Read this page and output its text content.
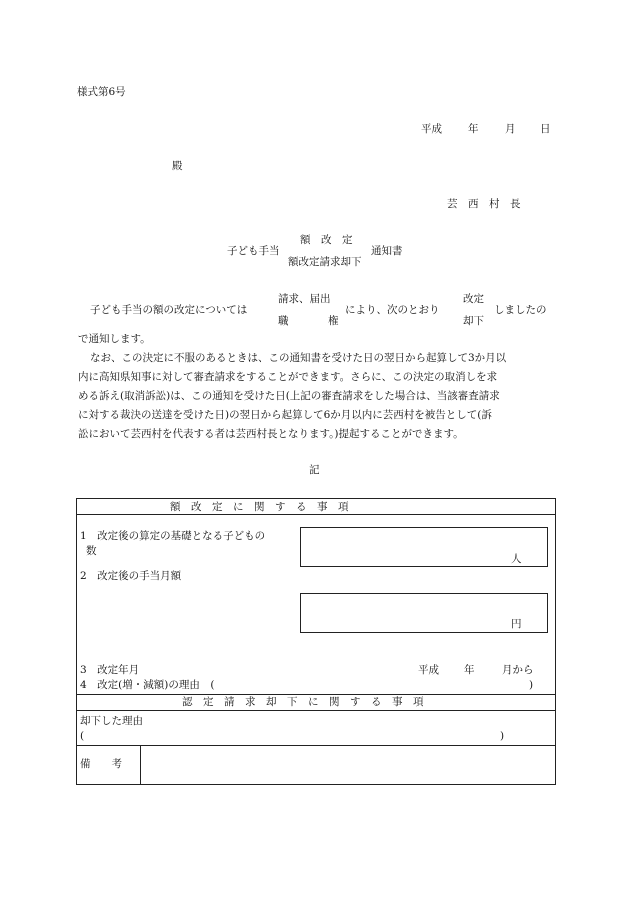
様式第6号
平成 年	月 日
殿
芸　西　村　長
額　改　定
子ども手当
額改定請求却下
通知書
請求、届出	改定
子ども手当の額の改定については	により、次のとおり	しましたの
職	権	却下
で通知します。
なお、この決定に不服のあるときは、この通知書を受けた日の翌日から起算して3か月以
内に高知県知事に対して審査請求をすることができます。さらに、この決定の取消しを求
める訴え(取消訴訟)は、この通知を受けた日(上記の審査請求をした場合は、当該審査請求
に対する裁決の送達を受けた日)の翌日から起算して6か月以内に芸西村を被告として(訴
訟において芸西村を代表する者は芸西村長となります。)提起することができます。
記
額　改　定　に　関　す　る　事　項
1　改定後の算定の基礎となる子どもの
数
人
2　改定後の手当月額
円
3　改定年月	平成 年	月から
4　改定(増・減額)の理由　(	)
認　定　請　求　却　下　に　関　す　る　事　項
却下した理由
(	)
備　　考
